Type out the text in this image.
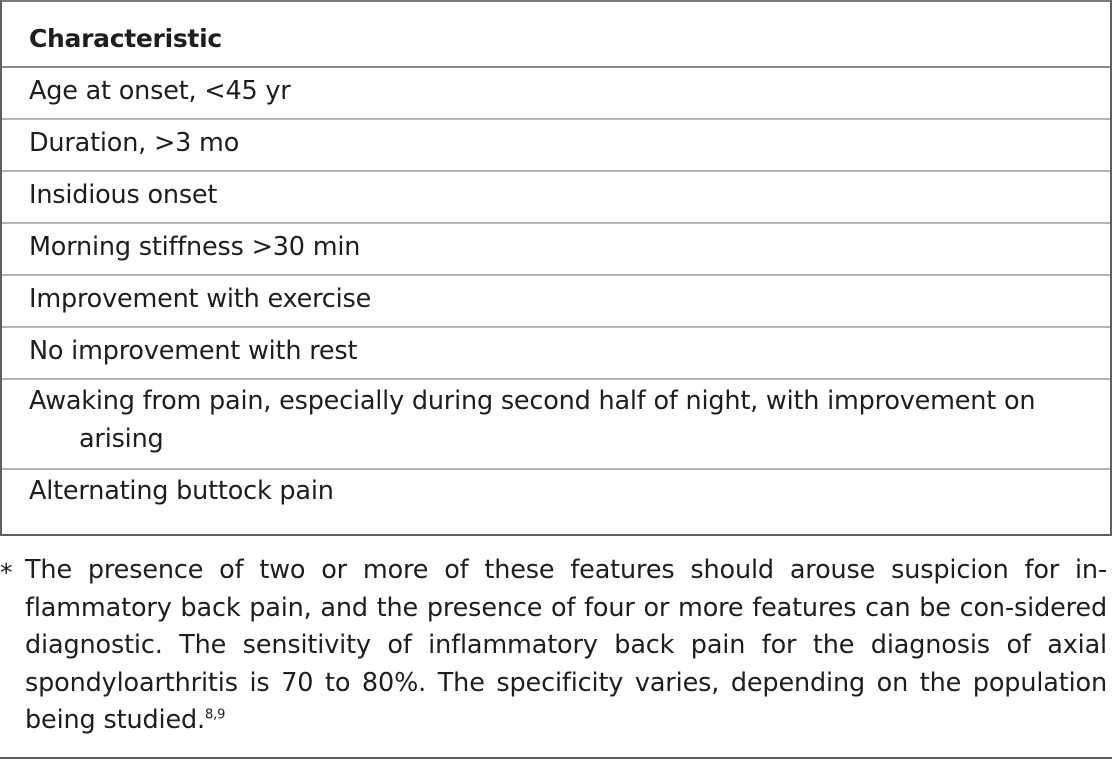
Characteristic
Age at onset, <45 yr
Duration, >3 mo
Insidious onset
Morning stiffness >30 min
Improvement with exercise
No improvement with rest
Awaking from pain, especially during second half of night, with improvement on arising
Alternating buttock pain
* The presence of two or more of these features should arouse suspicion for in-flammatory back pain, and the presence of four or more features can be con-sidered diagnostic. The sensitivity of inflammatory back pain for the diagnosis of axial spondyloarthritis is 70 to 80%. The specificity varies, depending on the population being studied.$^{8,9}$
